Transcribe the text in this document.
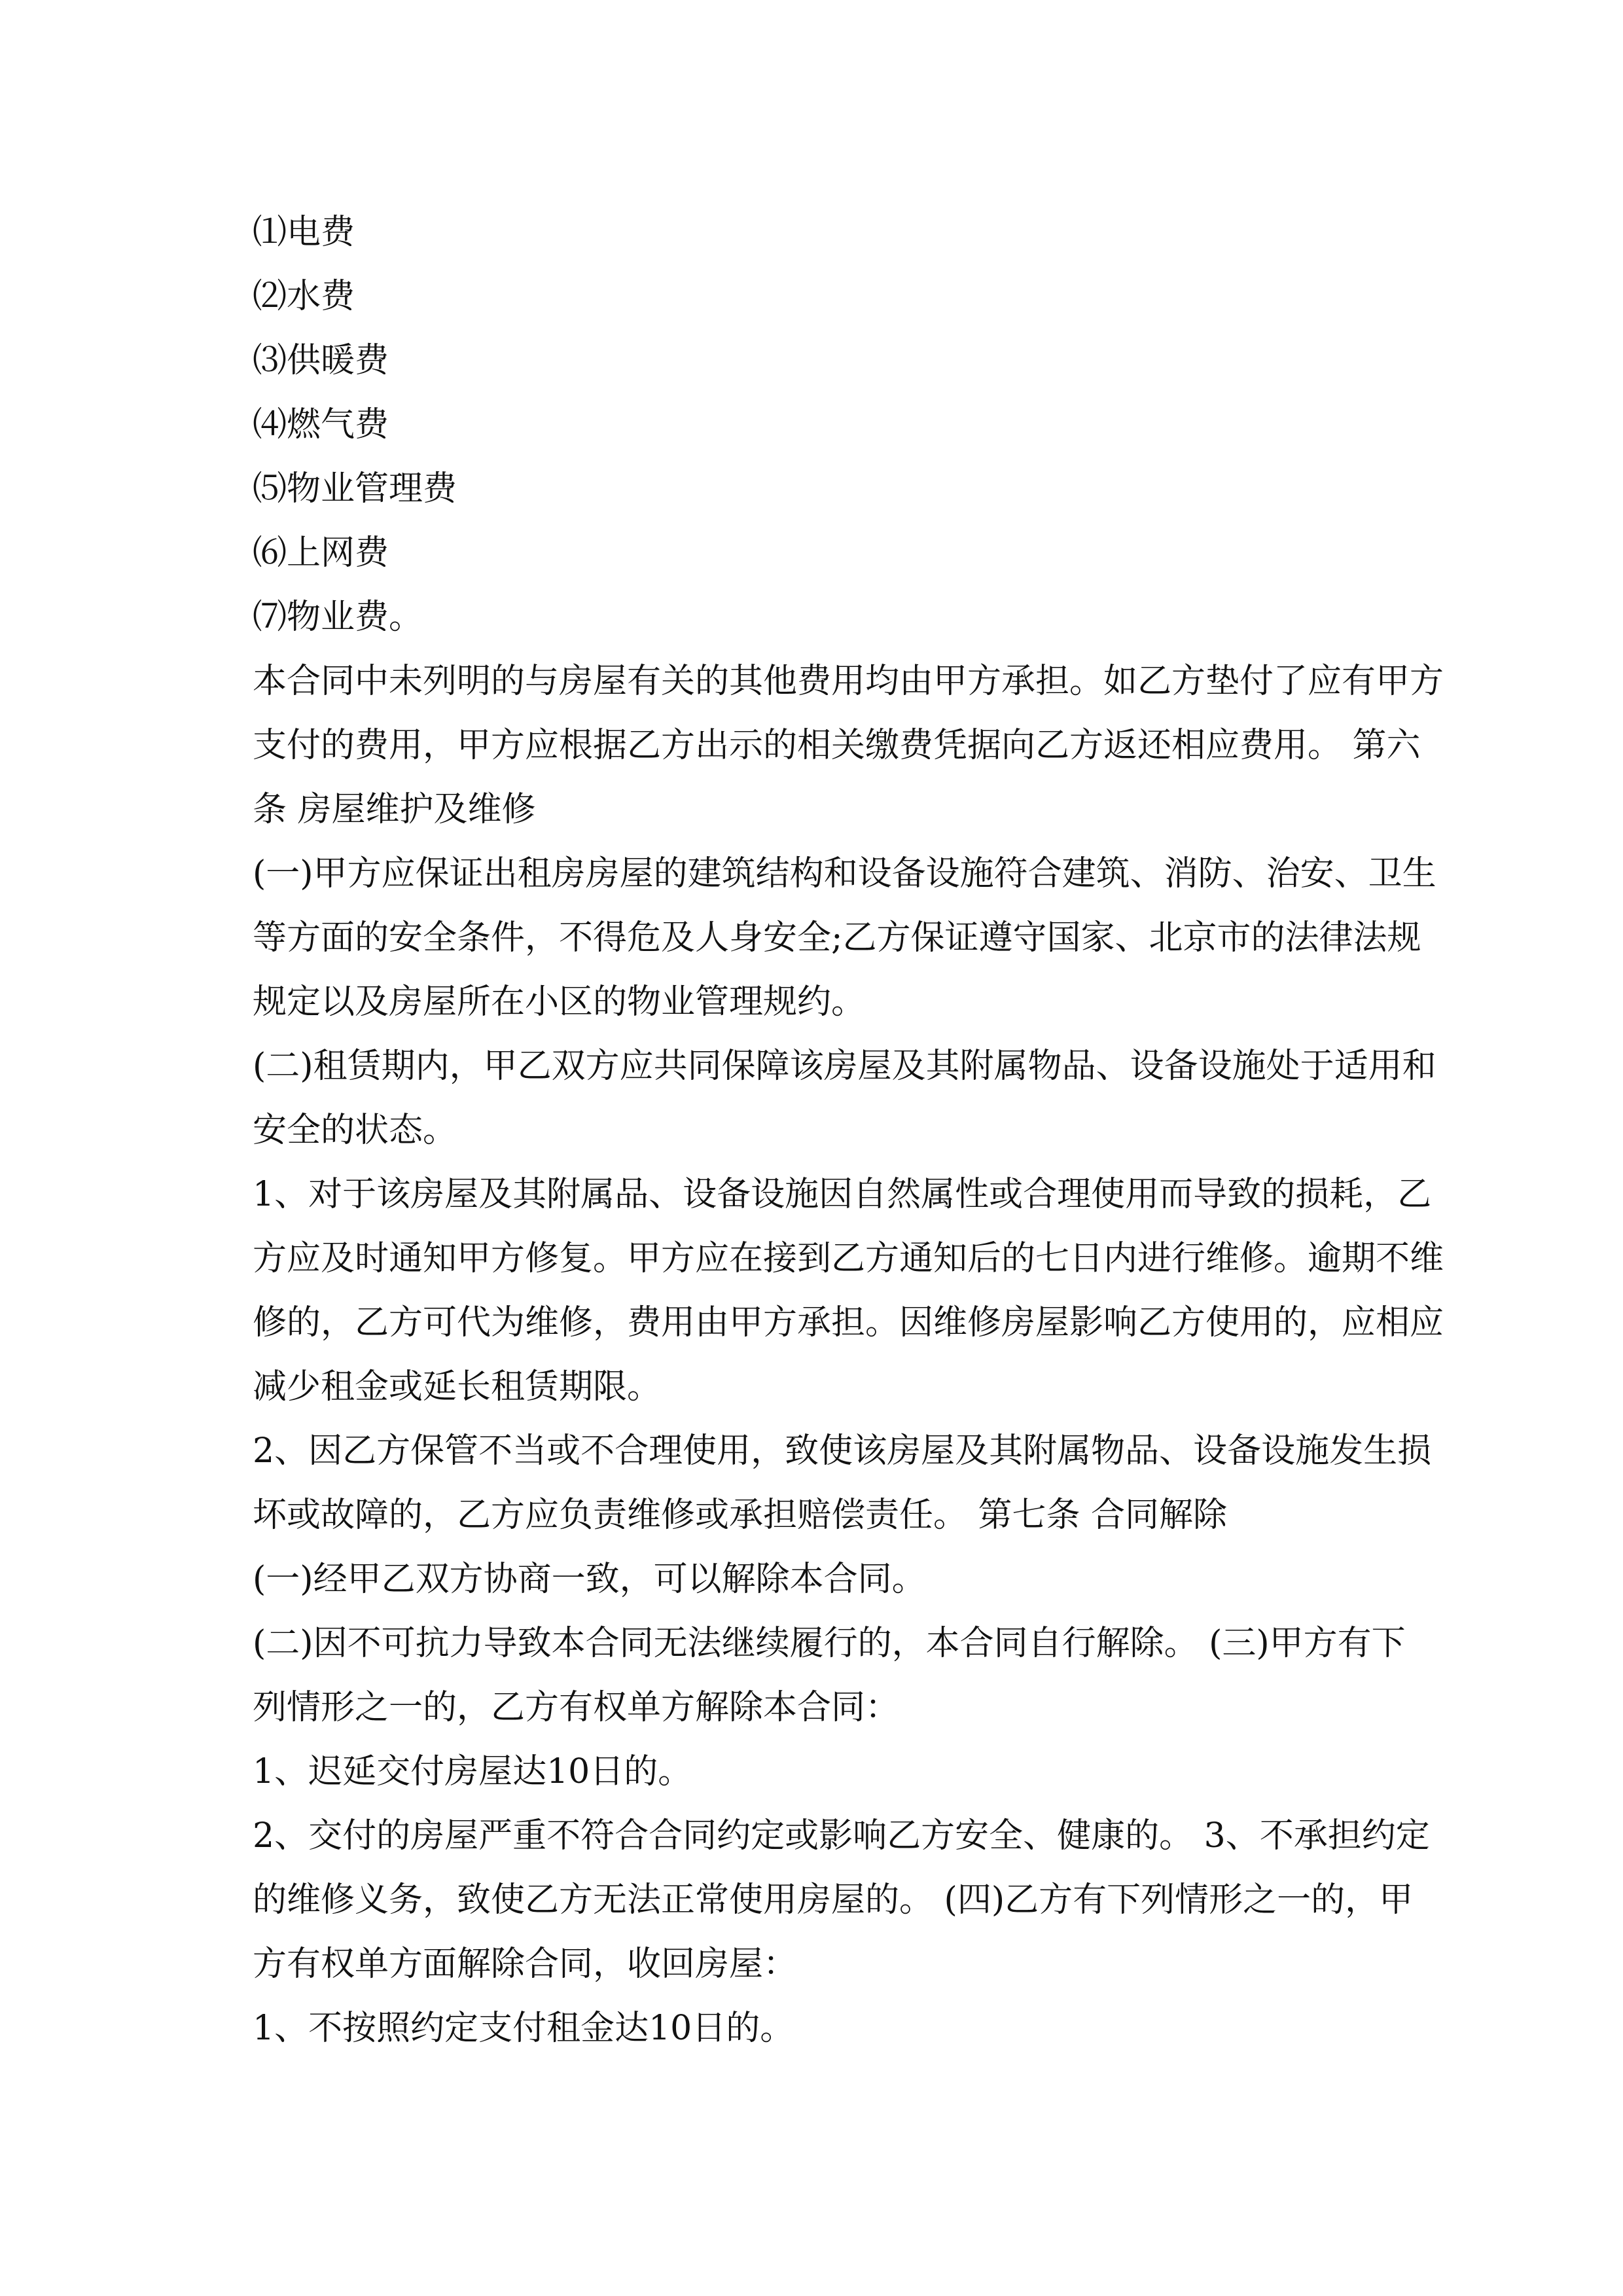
⑴电费
⑵水费
⑶供暖费
⑷燃气费
⑸物业管理费
⑹上网费
⑺物业费。
本合同中未列明的与房屋有关的其他费用均由甲方承担。如乙方垫付了应有甲方
支付的费用，甲方应根据乙方出示的相关缴费凭据向乙方返还相应费用。 第六
条 房屋维护及维修
(一)甲方应保证出租房房屋的建筑结构和设备设施符合建筑、消防、治安、卫生
等方面的安全条件，不得危及人身安全;乙方保证遵守国家、北京市的法律法规
规定以及房屋所在小区的物业管理规约。
(二)租赁期内，甲乙双方应共同保障该房屋及其附属物品、设备设施处于适用和
安全的状态。
1、对于该房屋及其附属品、设备设施因自然属性或合理使用而导致的损耗，乙
方应及时通知甲方修复。甲方应在接到乙方通知后的七日内进行维修。逾期不维
修的，乙方可代为维修，费用由甲方承担。因维修房屋影响乙方使用的，应相应
减少租金或延长租赁期限。
2、因乙方保管不当或不合理使用，致使该房屋及其附属物品、设备设施发生损
坏或故障的，乙方应负责维修或承担赔偿责任。 第七条 合同解除
(一)经甲乙双方协商一致，可以解除本合同。
(二)因不可抗力导致本合同无法继续履行的，本合同自行解除。 (三)甲方有下
列情形之一的，乙方有权单方解除本合同：
1、迟延交付房屋达10日的。
2、交付的房屋严重不符合合同约定或影响乙方安全、健康的。 3、不承担约定
的维修义务，致使乙方无法正常使用房屋的。 (四)乙方有下列情形之一的，甲
方有权单方面解除合同，收回房屋：
1、不按照约定支付租金达10日的。
